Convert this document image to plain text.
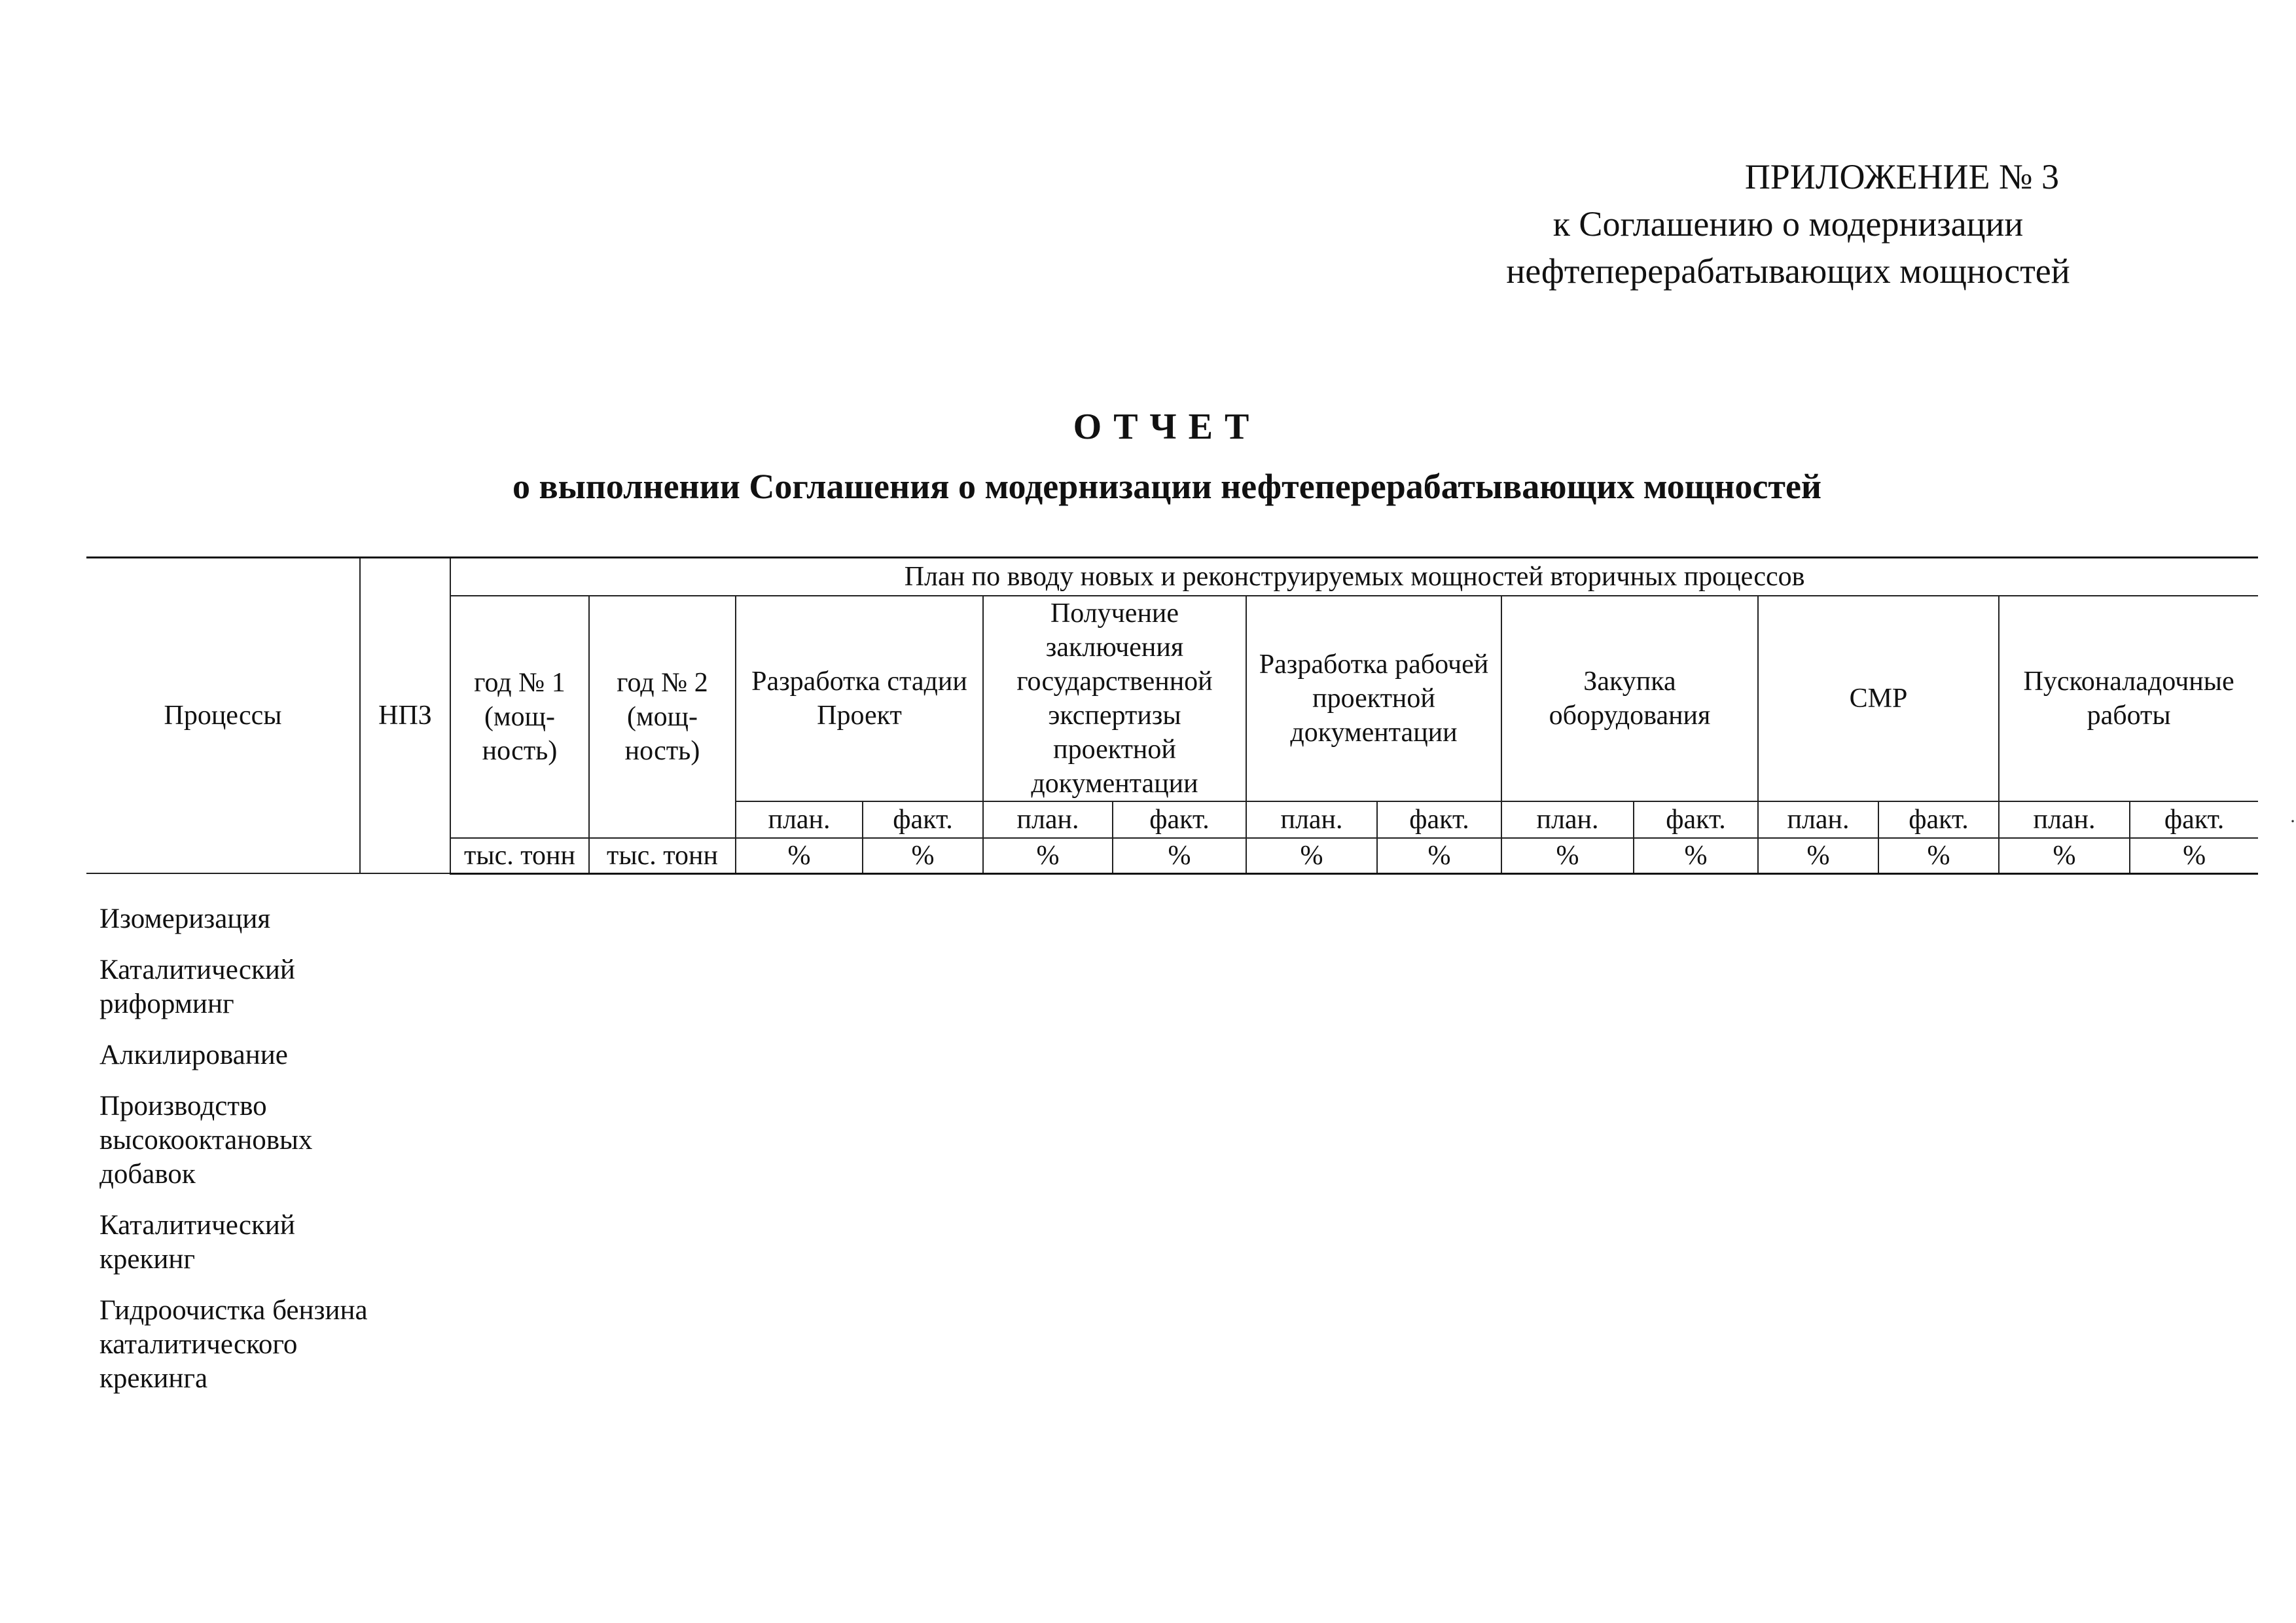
ПРИЛОЖЕНИЕ № 3
к Соглашению о модернизации
нефтеперерабатывающих мощностей
ОТЧЕТ
о выполнении Соглашения о модернизации нефтеперерабатывающих мощностей
Процессы	НПЗ	План по вводу новых и реконструируемых мощностей вторичных процессов													
		год № 1 (мощ-ность)	год № 2 (мощ-ность)	Разработка стадии Проект		Получение заключения государственной экспертизы проектной документации		Разработка рабочей проектной документации		Закупка оборудования		СМР		Пусконаладочные работы	
				план.	факт.	план.	факт.	план.	факт.	план.	факт.	план.	факт.	план.	факт.
		тыс. тонн	тыс. тонн	%	%	%	%	%	%	%	%	%	%	%	%
·
Изомеризация
Каталитический риформинг
Алкилирование
Производство высокооктановых добавок
Каталитический крекинг
Гидроочистка бензина каталитического крекинга
